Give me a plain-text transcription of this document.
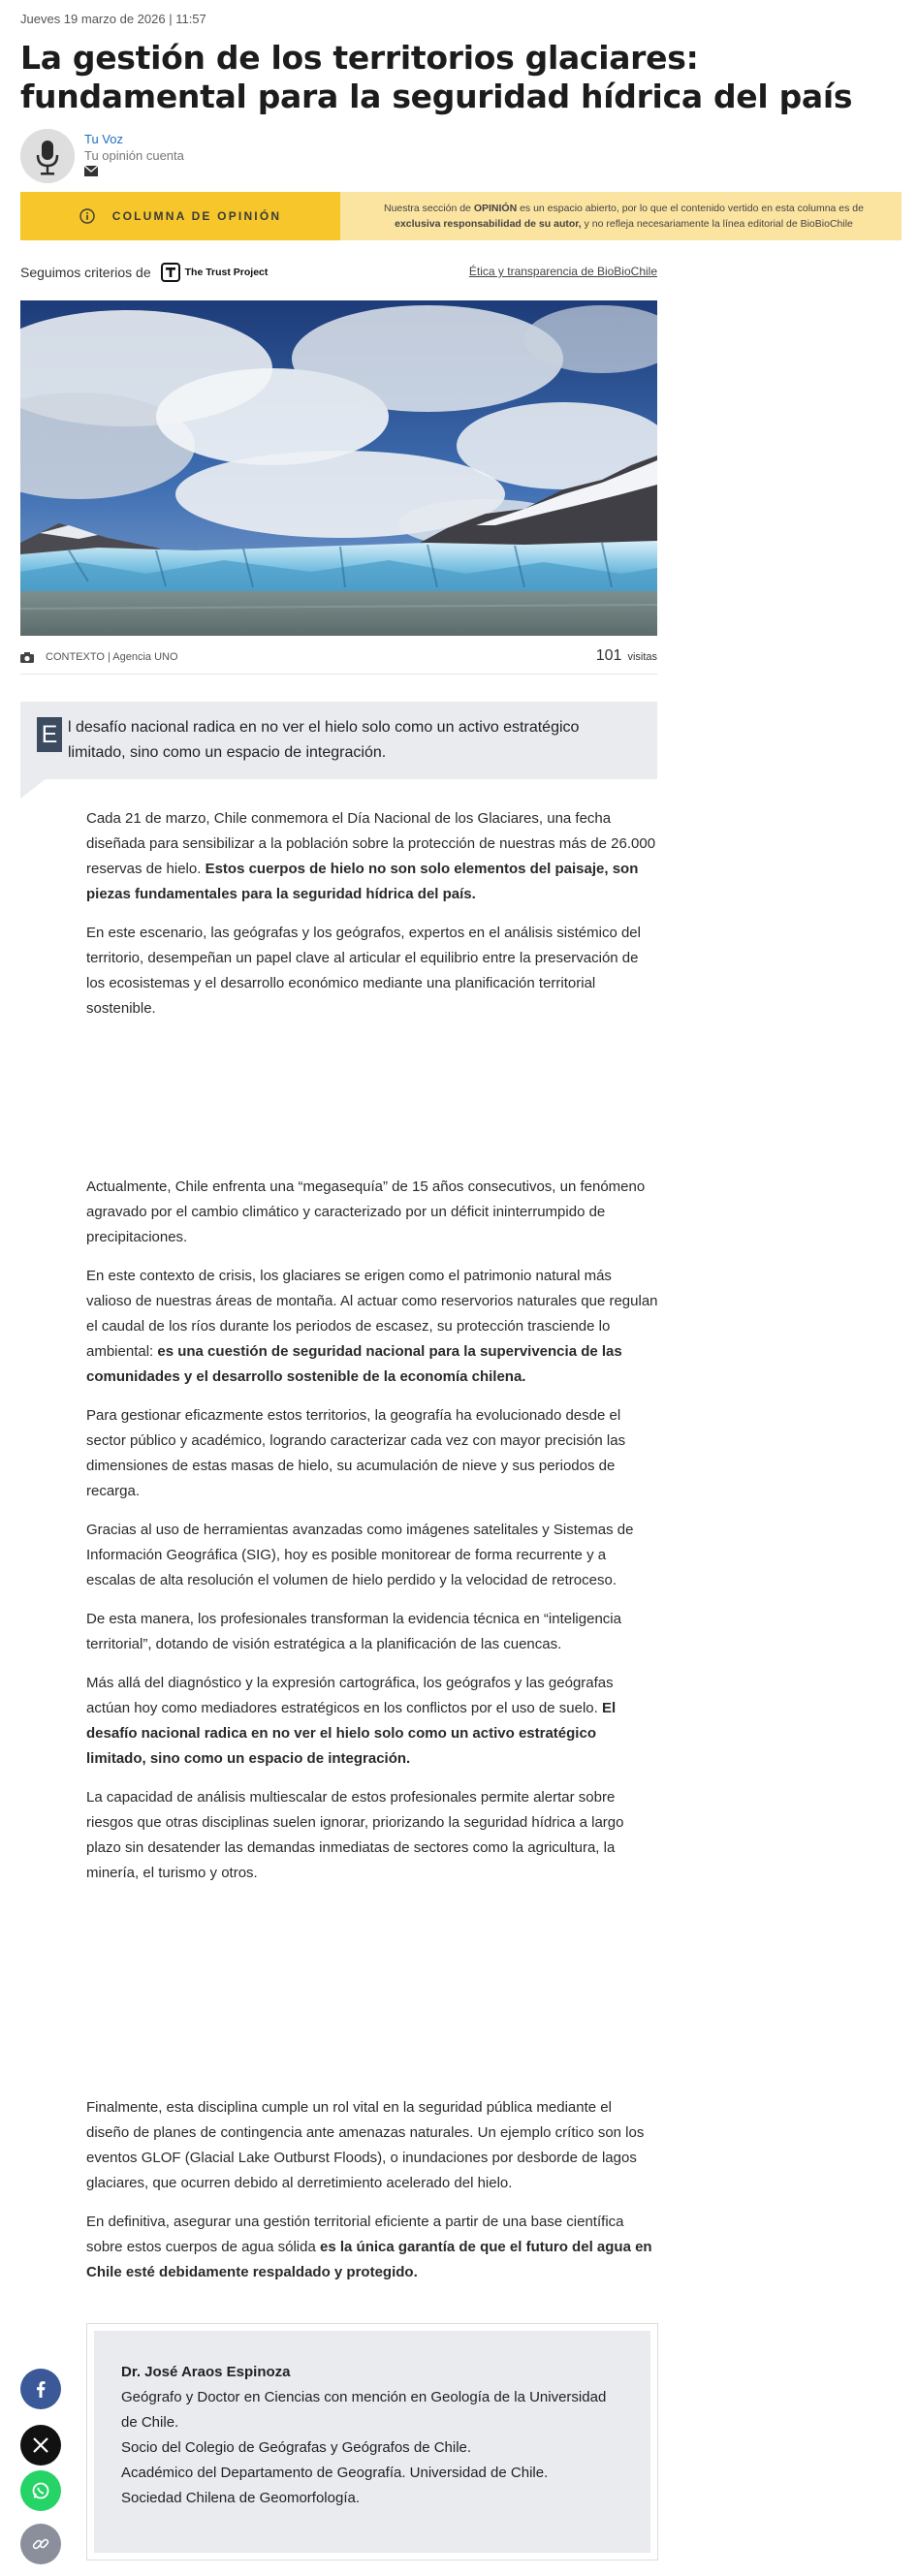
Jueves 19 marzo de 2026 | 11:57
La gestión de los territorios glaciares: fundamental para la seguridad hídrica del país
Tu Voz
Tu opinión cuenta
COLUMNA DE OPINIÓN
Nuestra sección de OPINIÓN es un espacio abierto, por lo que el contenido vertido en esta columna es de exclusiva responsabilidad de su autor, y no refleja necesariamente la línea editorial de BioBioChile
Seguimos criterios de	The Trust Project	Ética y transparencia de BioBioChile
CONTEXTO | Agencia UNO	101 visitas
E l desafío nacional radica en no ver el hielo solo como un activo estratégico limitado, sino como un espacio de integración.

Cada 21 de marzo, Chile conmemora el Día Nacional de los Glaciares, una fecha diseñada para sensibilizar a la población sobre la protección de nuestras más de 26.000 reservas de hielo. Estos cuerpos de hielo no son solo elementos del paisaje, son piezas fundamentales para la seguridad hídrica del país.

En este escenario, las geógrafas y los geógrafos, expertos en el análisis sistémico del territorio, desempeñan un papel clave al articular el equilibrio entre la preservación de los ecosistemas y el desarrollo económico mediante una planificación territorial sostenible.

Actualmente, Chile enfrenta una “megasequía” de 15 años consecutivos, un fenómeno agravado por el cambio climático y caracterizado por un déficit ininterrumpido de precipitaciones.

En este contexto de crisis, los glaciares se erigen como el patrimonio natural más valioso de nuestras áreas de montaña. Al actuar como reservorios naturales que regulan el caudal de los ríos durante los periodos de escasez, su protección trasciende lo ambiental: es una cuestión de seguridad nacional para la supervivencia de las comunidades y el desarrollo sostenible de la economía chilena.

Para gestionar eficazmente estos territorios, la geografía ha evolucionado desde el sector público y académico, logrando caracterizar cada vez con mayor precisión las dimensiones de estas masas de hielo, su acumulación de nieve y sus periodos de recarga.

Gracias al uso de herramientas avanzadas como imágenes satelitales y Sistemas de Información Geográfica (SIG), hoy es posible monitorear de forma recurrente y a escalas de alta resolución el volumen de hielo perdido y la velocidad de retroceso.

De esta manera, los profesionales transforman la evidencia técnica en “inteligencia territorial”, dotando de visión estratégica a la planificación de las cuencas.

Más allá del diagnóstico y la expresión cartográfica, los geógrafos y las geógrafas actúan hoy como mediadores estratégicos en los conflictos por el uso de suelo. El desafío nacional radica en no ver el hielo solo como un activo estratégico limitado, sino como un espacio de integración.

La capacidad de análisis multiescalar de estos profesionales permite alertar sobre riesgos que otras disciplinas suelen ignorar, priorizando la seguridad hídrica a largo plazo sin desatender las demandas inmediatas de sectores como la agricultura, la minería, el turismo y otros.

Finalmente, esta disciplina cumple un rol vital en la seguridad pública mediante el diseño de planes de contingencia ante amenazas naturales. Un ejemplo crítico son los eventos GLOF (Glacial Lake Outburst Floods), o inundaciones por desborde de lagos glaciares, que ocurren debido al derretimiento acelerado del hielo.

En definitiva, asegurar una gestión territorial eficiente a partir de una base científica sobre estos cuerpos de agua sólida es la única garantía de que el futuro del agua en Chile esté debidamente respaldado y protegido.

Dr. José Araos Espinoza
Geógrafo y Doctor en Ciencias con mención en Geología de la Universidad de Chile.
Socio del Colegio de Geógrafas y Geógrafos de Chile.
Académico del Departamento de Geografía. Universidad de Chile.
Sociedad Chilena de Geomorfología.
